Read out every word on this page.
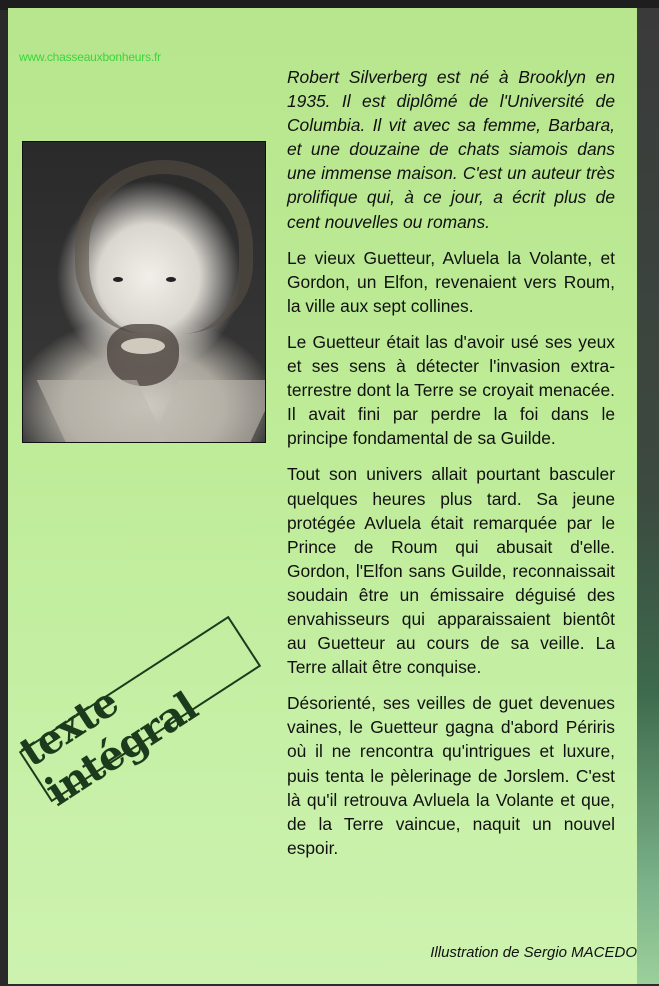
www.chasseauxbonheurs.fr
texte intégral

Robert Silverberg est né à Brooklyn en 1935. Il est diplômé de l'Université de Columbia. Il vit avec sa femme, Barbara, et une douzaine de chats siamois dans une immense maison. C'est un auteur très prolifique qui, à ce jour, a écrit plus de cent nouvelles ou romans.

Le vieux Guetteur, Avluela la Volante, et Gordon, un Elfon, revenaient vers Roum, la ville aux sept collines.

Le Guetteur était las d'avoir usé ses yeux et ses sens à détecter l'invasion extra-terrestre dont la Terre se croyait menacée. Il avait fini par perdre la foi dans le principe fondamental de sa Guilde.

Tout son univers allait pourtant basculer quelques heures plus tard. Sa jeune protégée Avluela était remarquée par le Prince de Roum qui abusait d'elle. Gordon, l'Elfon sans Guilde, reconnaissait soudain être un émissaire déguisé des envahisseurs qui apparaissaient bientôt au Guetteur au cours de sa veille. La Terre allait être conquise.

Désorienté, ses veilles de guet devenues vaines, le Guetteur gagna d'abord Périris où il ne rencontra qu'intrigues et luxure, puis tenta le pèlerinage de Jorslem. C'est là qu'il retrouva Avluela la Volante et que, de la Terre vaincue, naquit un nouvel espoir.

Illustration de Sergio MACEDO
